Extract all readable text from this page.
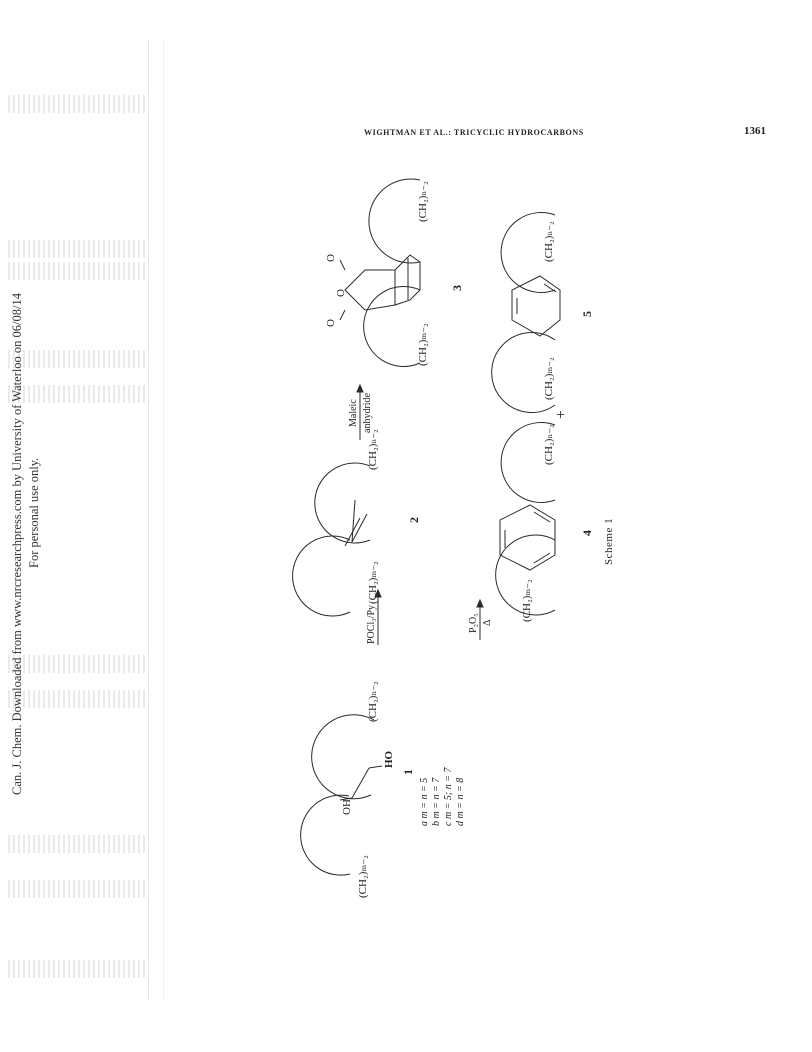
Can. J. Chem. Downloaded from www.nrcresearchpress.com by University of Waterloo on 06/08/14 For personal use only.
WIGHTMAN ET AL.: TRICYCLIC HYDROCARBONS	1361
(CH₂)ₘ₋₂
OH
HO
(CH₂)ₙ₋₂
1
a m = n = 5 b m = n = 7 c m = 5; n = 7 d m = n = 8
POCl₃/Py
(CH₂)ₘ₋₂
(CH₂)ₙ₋₂
2
Maleic anhydride
(CH₂)ₘ₋₂
(CH₂)ₙ₋₂
O
O
O
3
P₂O₅ Δ
(CH₂)ₘ₋₂
(CH₂)ₙ₋₂
4
+
(CH₂)ₘ₋₂
(CH₂)ₙ₋₂
5
Scheme 1
